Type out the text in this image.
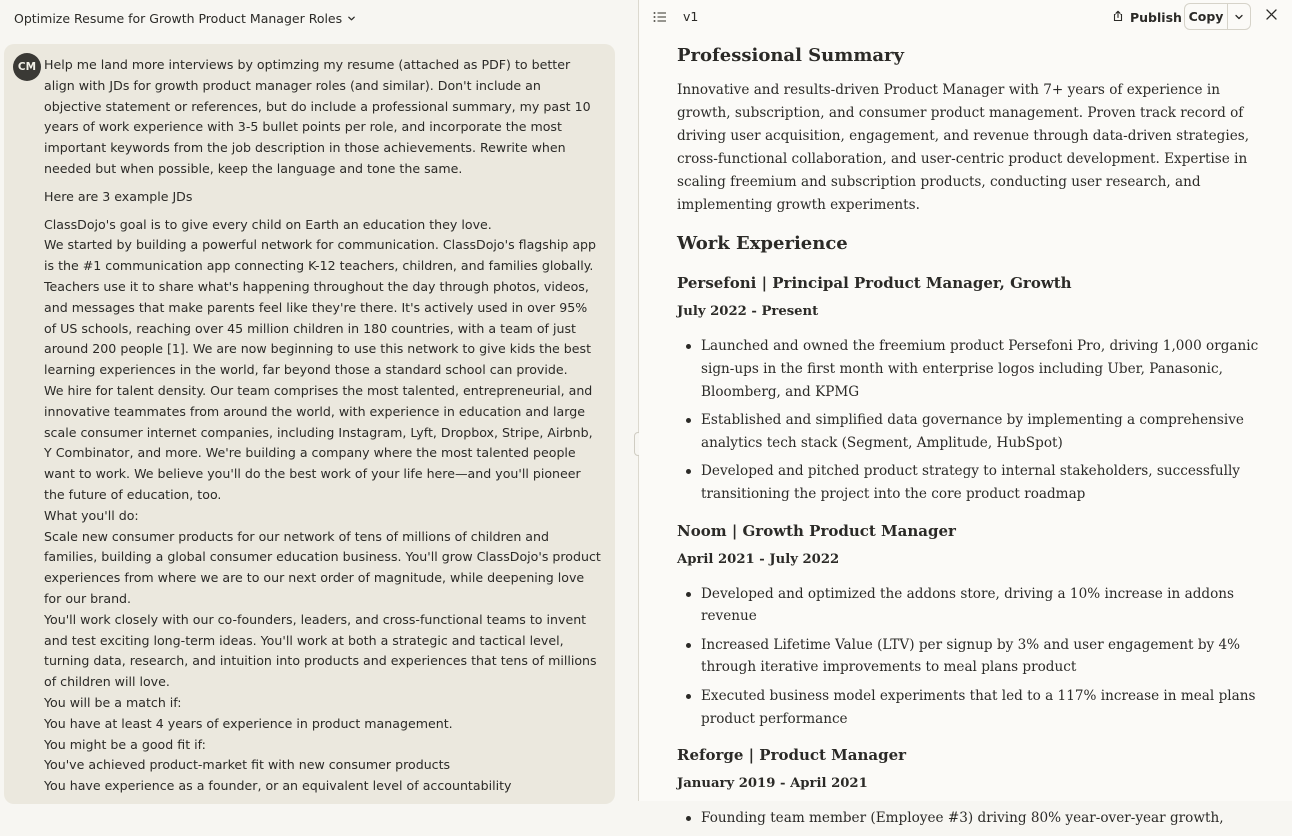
Optimize Resume for Growth Product Manager Roles
CM Help me land more interviews by optimzing my resume (attached as PDF) to better align with JDs for growth product manager roles (and similar). Don't include an objective statement or references, but do include a professional summary, my past 10 years of work experience with 3-5 bullet points per role, and incorporate the most important keywords from the job description in those achievements. Rewrite when needed but when possible, keep the language and tone the same.

Here are 3 example JDs

ClassDojo's goal is to give every child on Earth an education they love.

We started by building a powerful network for communication. ClassDojo's flagship app is the #1 communication app connecting K-12 teachers, children, and families globally. Teachers use it to share what's happening throughout the day through photos, videos, and messages that make parents feel like they're there. It's actively used in over 95% of US schools, reaching over 45 million children in 180 countries, with a team of just around 200 people [1]. We are now beginning to use this network to give kids the best learning experiences in the world, far beyond those a standard school can provide.

We hire for talent density. Our team comprises the most talented, entrepreneurial, and innovative teammates from around the world, with experience in education and large scale consumer internet companies, including Instagram, Lyft, Dropbox, Stripe, Airbnb, Y Combinator, and more. We're building a company where the most talented people want to work. We believe you'll do the best work of your life here—and you'll pioneer the future of education, too.

What you'll do:

Scale new consumer products for our network of tens of millions of children and families, building a global consumer education business. You'll grow ClassDojo's product experiences from where we are to our next order of magnitude, while deepening love for our brand.

You'll work closely with our co-founders, leaders, and cross-functional teams to invent and test exciting long-term ideas. You'll work at both a strategic and tactical level, turning data, research, and intuition into products and experiences that tens of millions of children will love.

You will be a match if:

You have at least 4 years of experience in product management.

You might be a good fit if:

You've achieved product-market fit with new consumer products

You have experience as a founder, or an equivalent level of accountability

v1	Publish Copy
Professional Summary
Innovative and results-driven Product Manager with 7+ years of experience in growth, subscription, and consumer product management. Proven track record of driving user acquisition, engagement, and revenue through data-driven strategies, cross-functional collaboration, and user-centric product development. Expertise in scaling freemium and subscription products, conducting user research, and implementing growth experiments.
Work Experience
Persefoni | Principal Product Manager, Growth
July 2022 - Present
Launched and owned the freemium product Persefoni Pro, driving 1,000 organic sign-ups in the first month with enterprise logos including Uber, Panasonic, Bloomberg, and KPMG
Established and simplified data governance by implementing a comprehensive analytics tech stack (Segment, Amplitude, HubSpot)
Developed and pitched product strategy to internal stakeholders, successfully transitioning the project into the core product roadmap
Noom | Growth Product Manager
April 2021 - July 2022
Developed and optimized the addons store, driving a 10% increase in addons revenue
Increased Lifetime Value (LTV) per signup by 3% and user engagement by 4% through iterative improvements to meal plans product
Executed business model experiments that led to a 117% increase in meal plans product performance
Reforge | Product Manager
January 2019 - April 2021
Founding team member (Employee #3) driving 80% year-over-year growth,
